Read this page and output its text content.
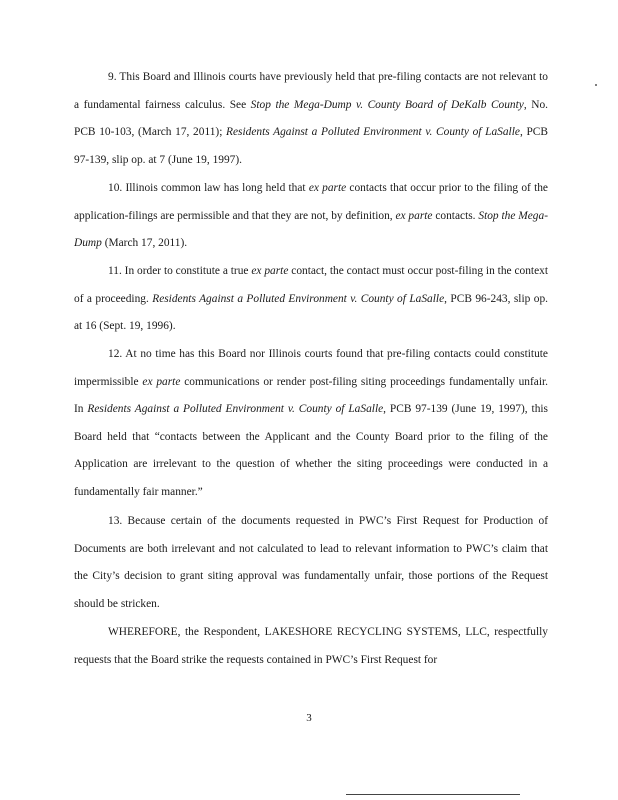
9. This Board and Illinois courts have previously held that pre-filing contacts are not relevant to a fundamental fairness calculus. See Stop the Mega-Dump v. County Board of DeKalb County, No. PCB 10-103, (March 17, 2011); Residents Against a Polluted Environment v. County of LaSalle, PCB 97-139, slip op. at 7 (June 19, 1997).

10. Illinois common law has long held that ex parte contacts that occur prior to the filing of the application-filings are permissible and that they are not, by definition, ex parte contacts. Stop the Mega-Dump (March 17, 2011).

11. In order to constitute a true ex parte contact, the contact must occur post-filing in the context of a proceeding. Residents Against a Polluted Environment v. County of LaSalle, PCB 96-243, slip op. at 16 (Sept. 19, 1996).

12. At no time has this Board nor Illinois courts found that pre-filing contacts could constitute impermissible ex parte communications or render post-filing siting proceedings fundamentally unfair. In Residents Against a Polluted Environment v. County of LaSalle, PCB 97-139 (June 19, 1997), this Board held that “contacts between the Applicant and the County Board prior to the filing of the Application are irrelevant to the question of whether the siting proceedings were conducted in a fundamentally fair manner.”

13. Because certain of the documents requested in PWC’s First Request for Production of Documents are both irrelevant and not calculated to lead to relevant information to PWC’s claim that the City’s decision to grant siting approval was fundamentally unfair, those portions of the Request should be stricken.

WHEREFORE, the Respondent, LAKESHORE RECYCLING SYSTEMS, LLC, respectfully requests that the Board strike the requests contained in PWC’s First Request for

3
